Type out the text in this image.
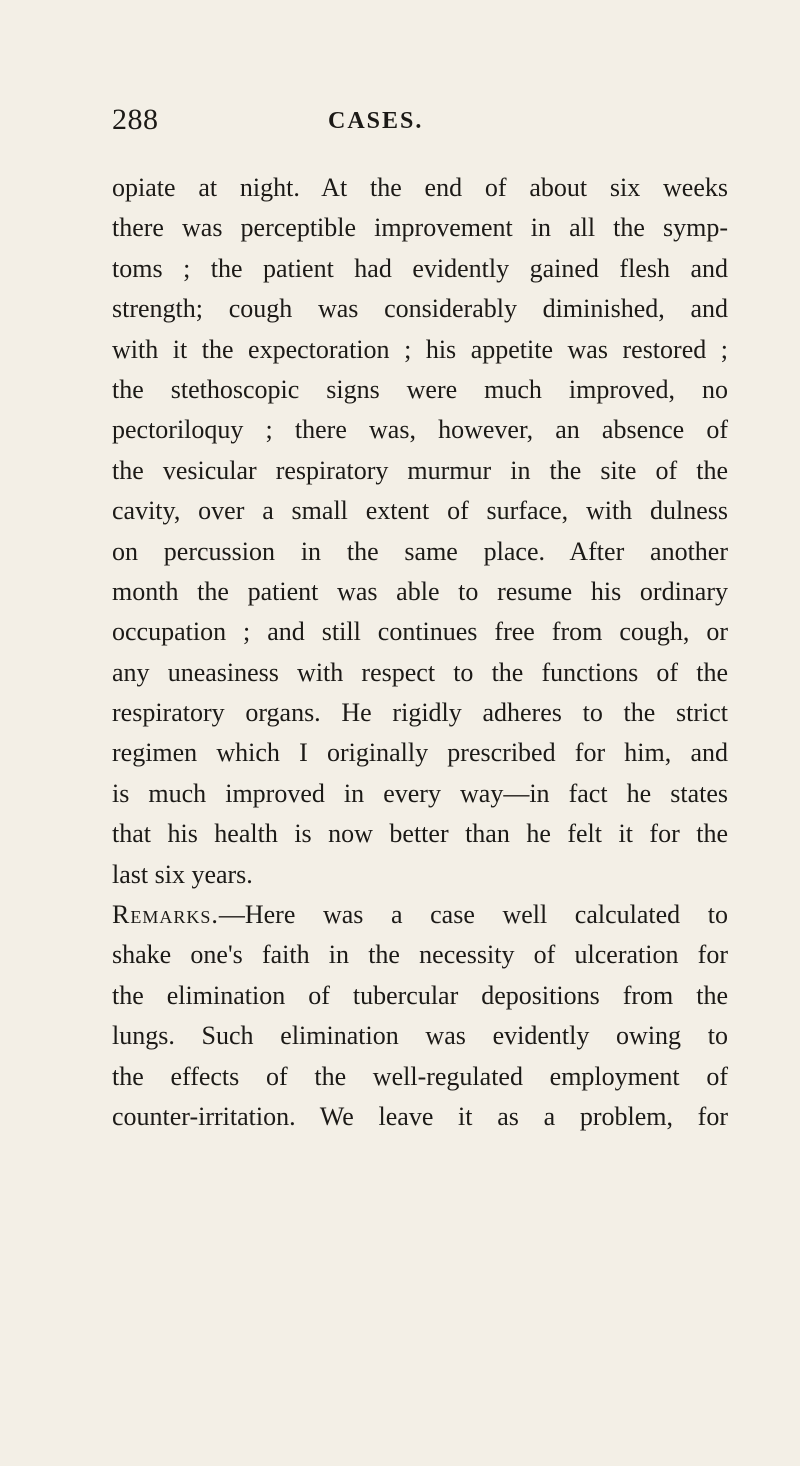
288	CASES.
opiate at night. At the end of about six weeks
there was perceptible improvement in all the symp-
toms ; the patient had evidently gained flesh and
strength; cough was considerably diminished, and
with it the expectoration ; his appetite was restored ;
the stethoscopic signs were much improved, no
pectoriloquy ; there was, however, an absence of
the vesicular respiratory murmur in the site of the
cavity, over a small extent of surface, with dulness
on percussion in the same place. After another
month the patient was able to resume his ordinary
occupation ; and still continues free from cough, or
any uneasiness with respect to the functions of the
respiratory organs. He rigidly adheres to the strict
regimen which I originally prescribed for him, and
is much improved in every way—in fact he states
that his health is now better than he felt it for the
last six years.
Remarks.—Here was a case well calculated to
shake one's faith in the necessity of ulceration for
the elimination of tubercular depositions from the
lungs. Such elimination was evidently owing to
the effects of the well-regulated employment of
counter-irritation. We leave it as a problem, for
